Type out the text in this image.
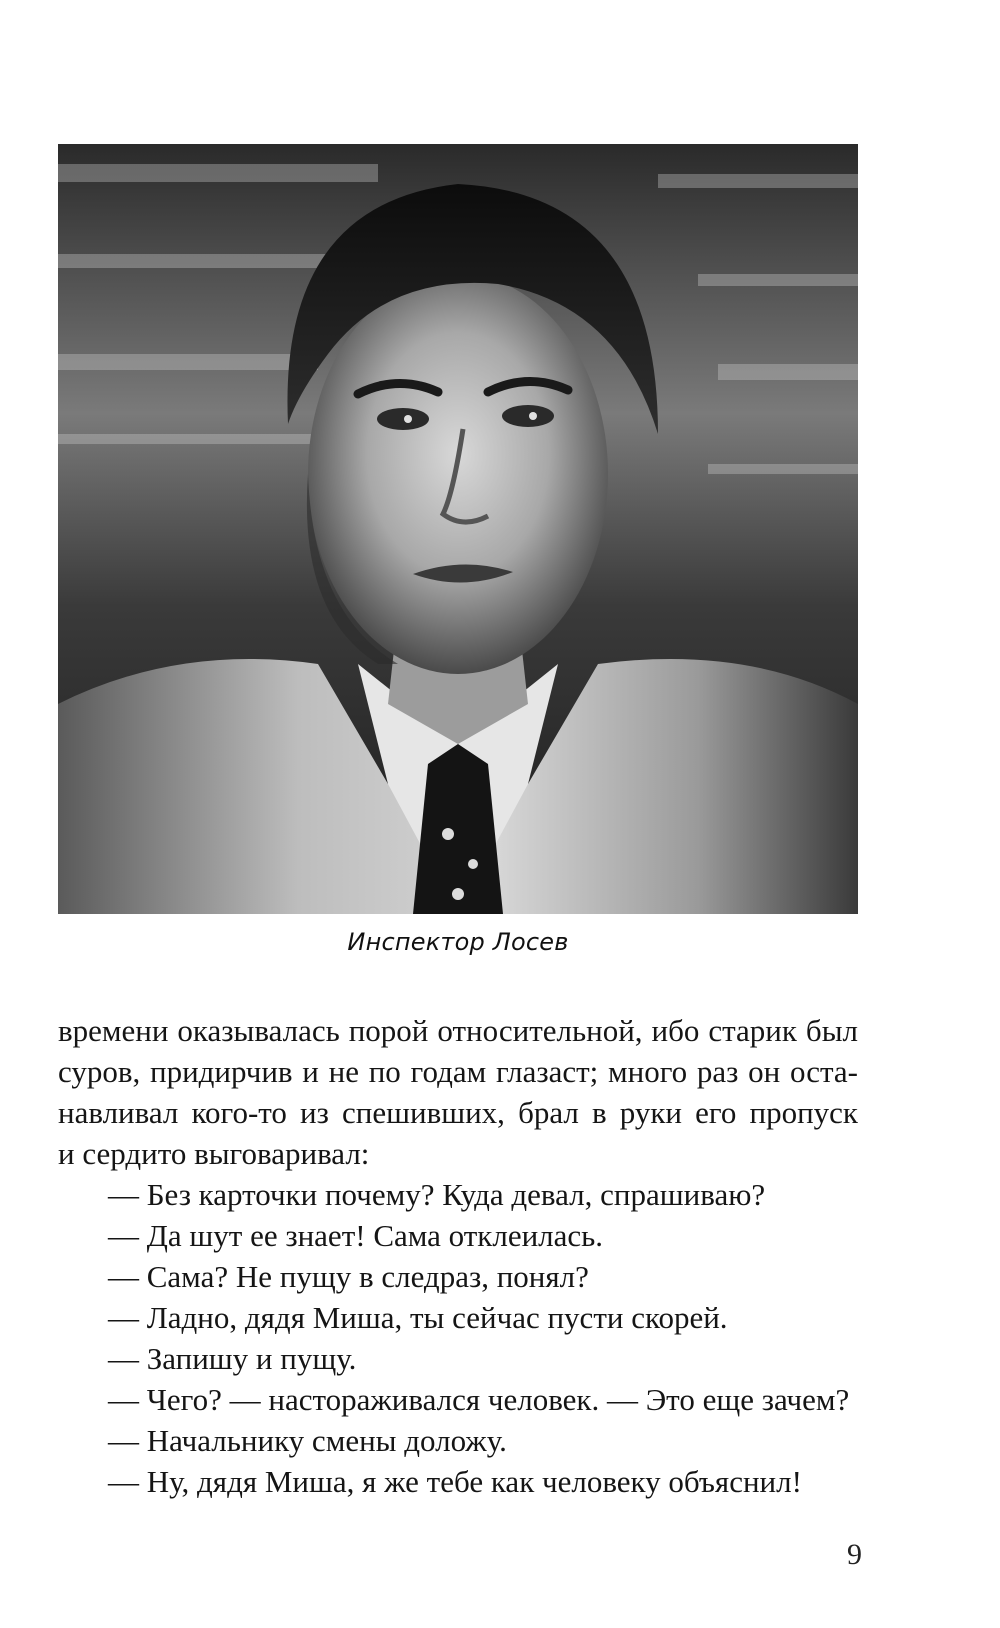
Инспектор Лосев

времени оказывалась порой относительной, ибо старик был
суров, придирчив и не по годам глазаст; много раз он оста-
навливал кого-то из спешивших, брал в руки его пропуск
и сердито выговаривал:

— Без карточки почему? Куда девал, спрашиваю?
— Да шут ее знает! Сама отклеилась.
— Сама? Не пущу в следраз, понял?
— Ладно, дядя Миша, ты сейчас пусти скорей.
— Запишу и пущу.
— Чего? — настораживался человек. — Это еще зачем?
— Начальнику смены доложу.
— Ну, дядя Миша, я же тебе как человеку объяснил!
9
